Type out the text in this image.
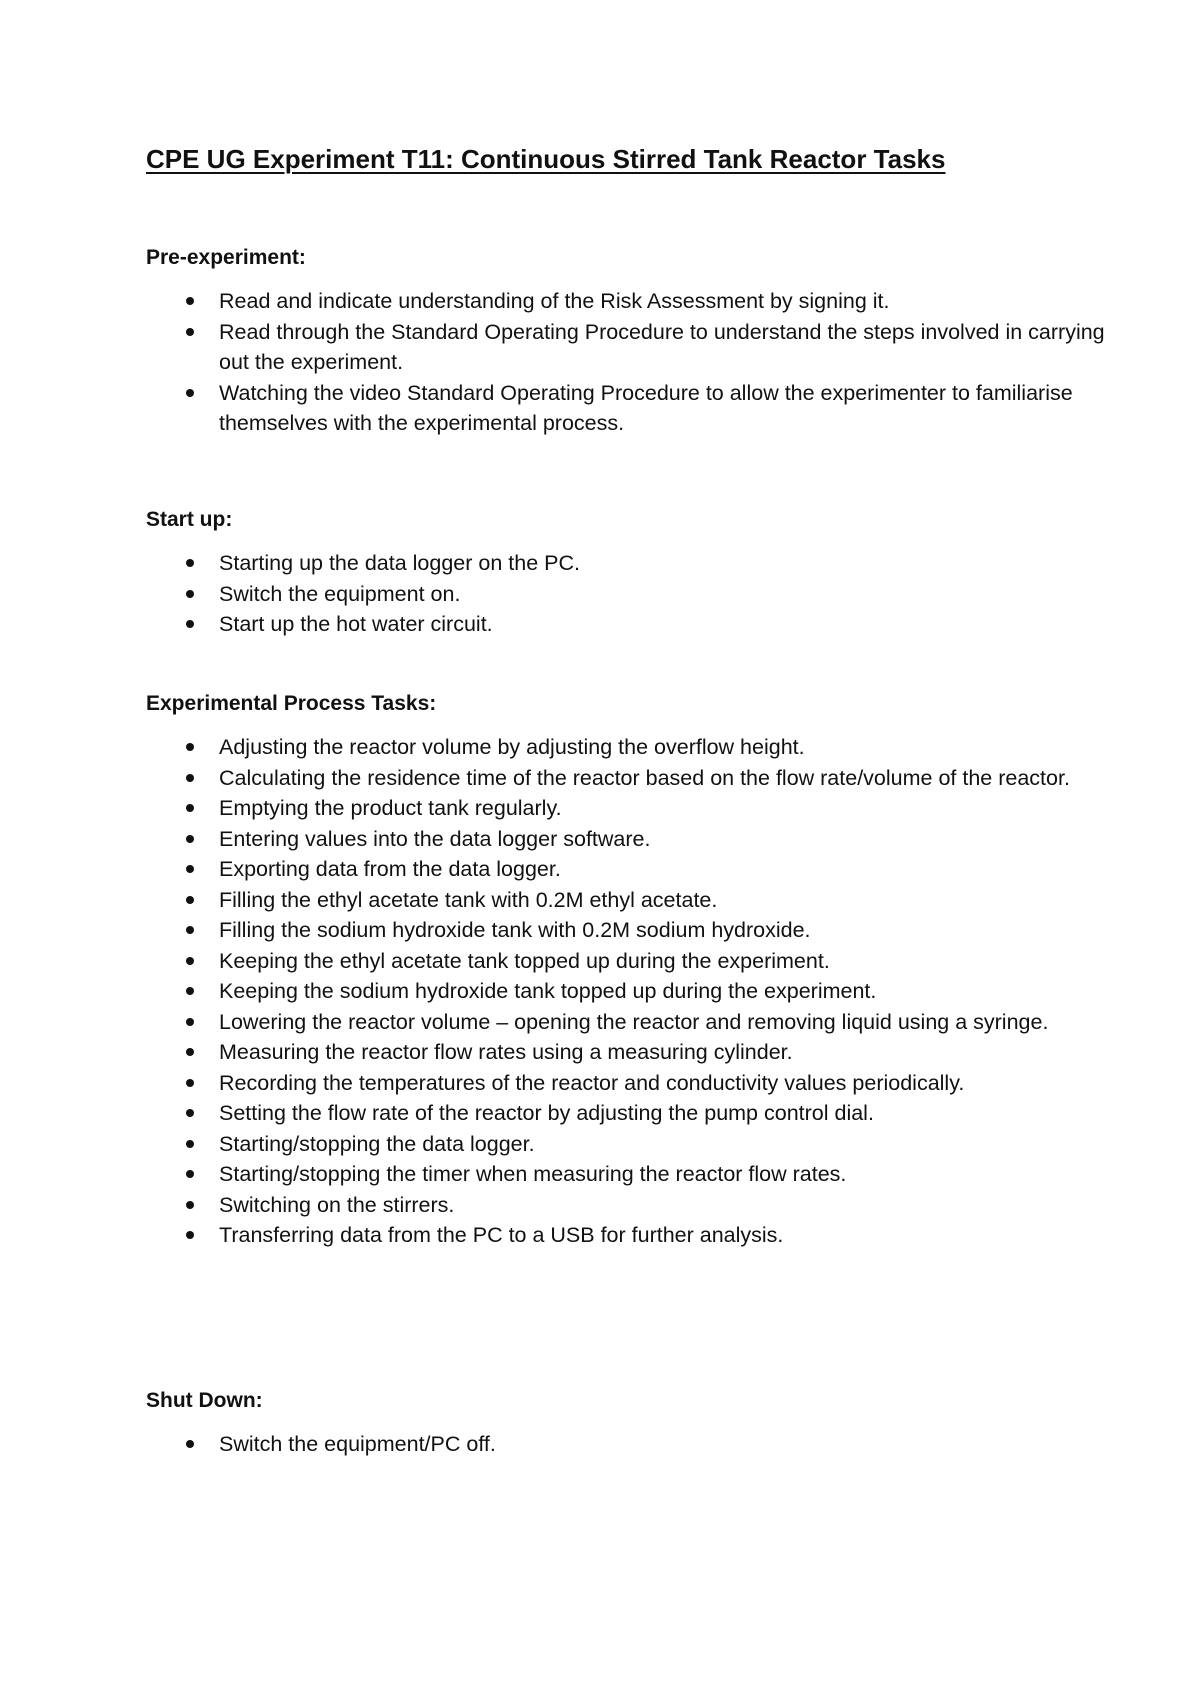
CPE UG Experiment T11: Continuous Stirred Tank Reactor Tasks
Pre-experiment:
Read and indicate understanding of the Risk Assessment by signing it.
Read through the Standard Operating Procedure to understand the steps involved in carrying out the experiment.
Watching the video Standard Operating Procedure to allow the experimenter to familiarise themselves with the experimental process.
Start up:
Starting up the data logger on the PC.
Switch the equipment on.
Start up the hot water circuit.
Experimental Process Tasks:
Adjusting the reactor volume by adjusting the overflow height.
Calculating the residence time of the reactor based on the flow rate/volume of the reactor.
Emptying the product tank regularly.
Entering values into the data logger software.
Exporting data from the data logger.
Filling the ethyl acetate tank with 0.2M ethyl acetate.
Filling the sodium hydroxide tank with 0.2M sodium hydroxide.
Keeping the ethyl acetate tank topped up during the experiment.
Keeping the sodium hydroxide tank topped up during the experiment.
Lowering the reactor volume – opening the reactor and removing liquid using a syringe.
Measuring the reactor flow rates using a measuring cylinder.
Recording the temperatures of the reactor and conductivity values periodically.
Setting the flow rate of the reactor by adjusting the pump control dial.
Starting/stopping the data logger.
Starting/stopping the timer when measuring the reactor flow rates.
Switching on the stirrers.
Transferring data from the PC to a USB for further analysis.
Shut Down:
Switch the equipment/PC off.
